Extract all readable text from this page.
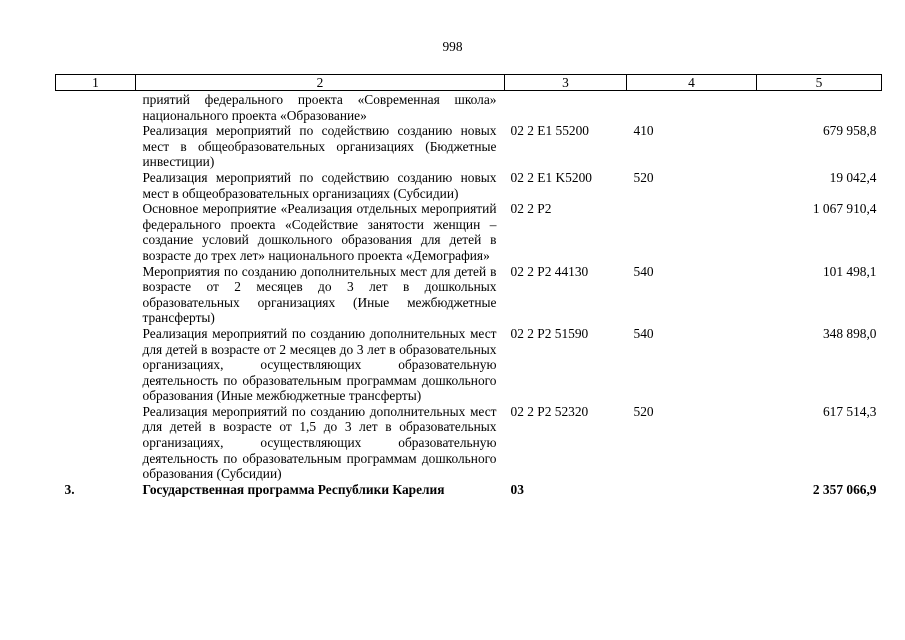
998
1	2	3	4	5
	приятий федерального проекта «Современная школа» национального проекта «Образование»			
	Реализация мероприятий по содействию созданию новых мест в общеобразовательных организациях (Бюджетные инвестиции)	02 2 E1 55200	410	679 958,8
	Реализация мероприятий по содействию созданию новых мест в общеобразовательных организациях (Субсидии)	02 2 E1 K5200	520	19 042,4
	Основное мероприятие «Реализация отдельных мероприятий федерального проекта «Содействие занятости женщин – создание условий дошкольного образования для детей в возрасте до трех лет» национального проекта «Демография»	02 2 P2		1 067 910,4
	Мероприятия по созданию дополнительных мест для детей в возрасте от 2 месяцев до 3 лет в дошкольных образовательных организациях (Иные межбюджетные трансферты)	02 2 P2 44130	540	101 498,1
	Реализация мероприятий по созданию дополнительных мест для детей в возрасте от 2 месяцев до 3 лет в образовательных организациях, осуществляющих образовательную деятельность по образовательным программам дошкольного образования (Иные межбюджетные трансферты)	02 2 P2 51590	540	348 898,0
	Реализация мероприятий по созданию дополнительных мест для детей в возрасте от 1,5 до 3 лет в образовательных организациях, осуществляющих образовательную деятельность по образовательным программам дошкольного образования (Субсидии)	02 2 P2 52320	520	617 514,3
3.	Государственная программа Республики Карелия	03		2 357 066,9
